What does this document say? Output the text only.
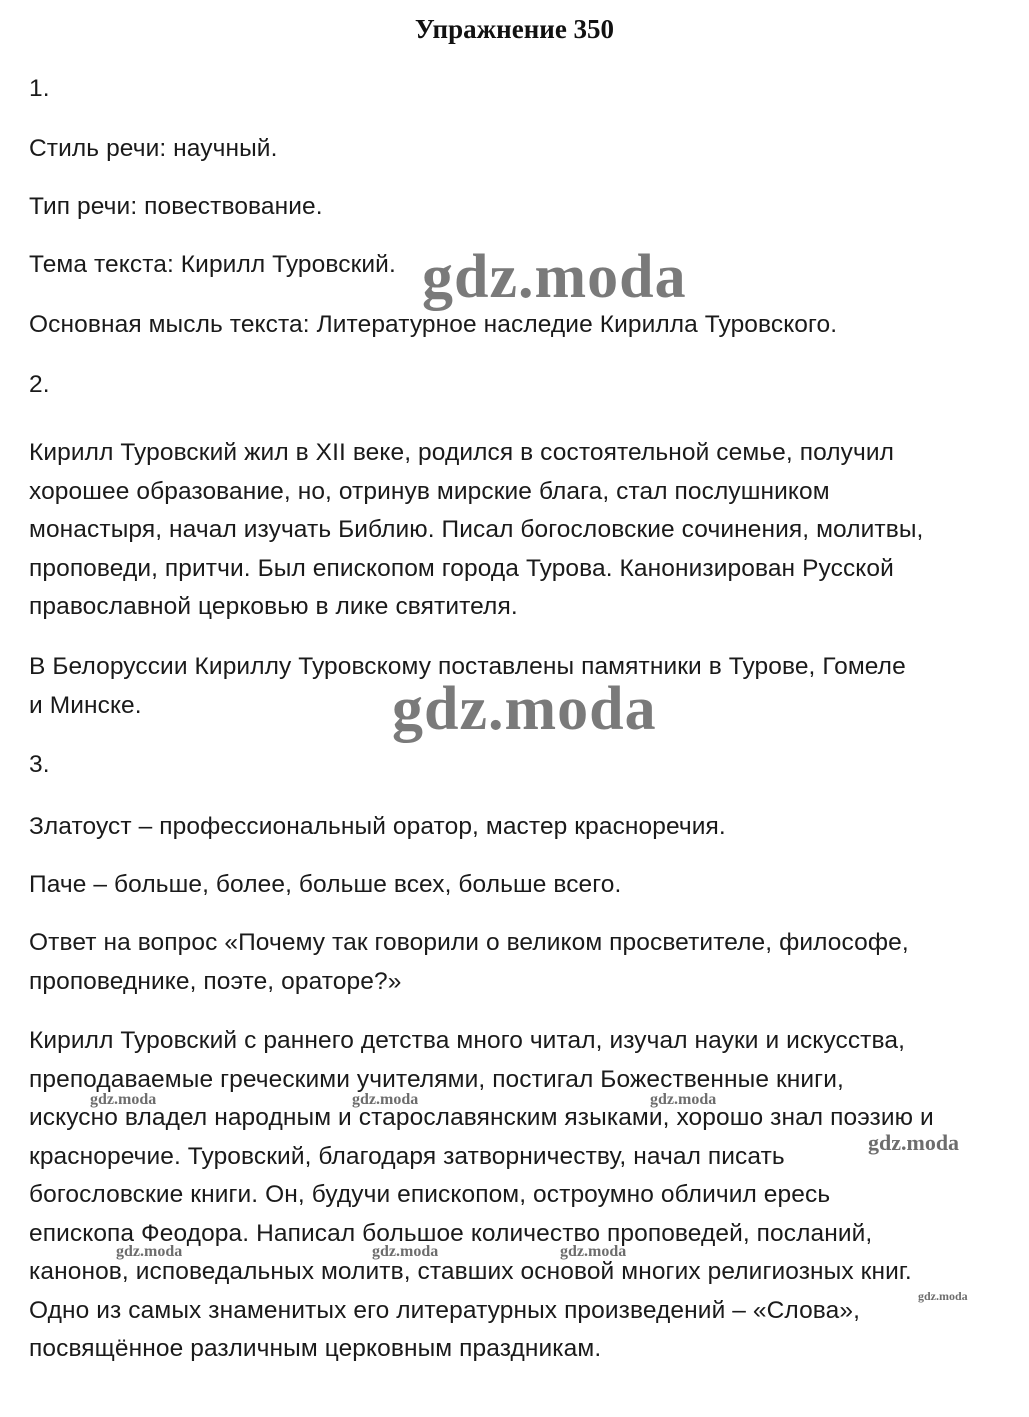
Упражнение 350
1.
Стиль речи: научный.
Тип речи: повествование.
Тема текста: Кирилл Туровский.
Основная мысль текста: Литературное наследие Кирилла Туровского.
2.
Кирилл Туровский жил в XII веке, родился в состоятельной семье, получил
хорошее образование, но, отринув мирские блага, стал послушником
монастыря, начал изучать Библию. Писал богословские сочинения, молитвы,
проповеди, притчи. Был епископом города Турова. Канонизирован Русской
православной церковью в лике святителя.
В Белоруссии Кириллу Туровскому поставлены памятники в Турове, Гомеле
и Минске.
3.
Златоуст – профессиональный оратор, мастер красноречия.
Паче – больше, более, больше всех, больше всего.
Ответ на вопрос «Почему так говорили о великом просветителе, философе,
проповеднике, поэте, ораторе?»
Кирилл Туровский с раннего детства много читал, изучал науки и искусства,
преподаваемые греческими учителями, постигал Божественные книги,
искусно владел народным и старославянским языками, хорошо знал поэзию и
красноречие. Туровский, благодаря затворничеству, начал писать
богословские книги. Он, будучи епископом, остроумно обличил ересь
епископа Феодора. Написал большое количество проповедей, посланий,
канонов, исповедальных молитв, ставших основой многих религиозных книг.
Одно из самых знаменитых его литературных произведений – «Слова»,
посвящённое различным церковным праздникам.
gdz.moda
gdz.moda
gdz.moda	gdz.moda	gdz.moda
gdz.moda
gdz.moda	gdz.moda	gdz.moda
gdz.moda
